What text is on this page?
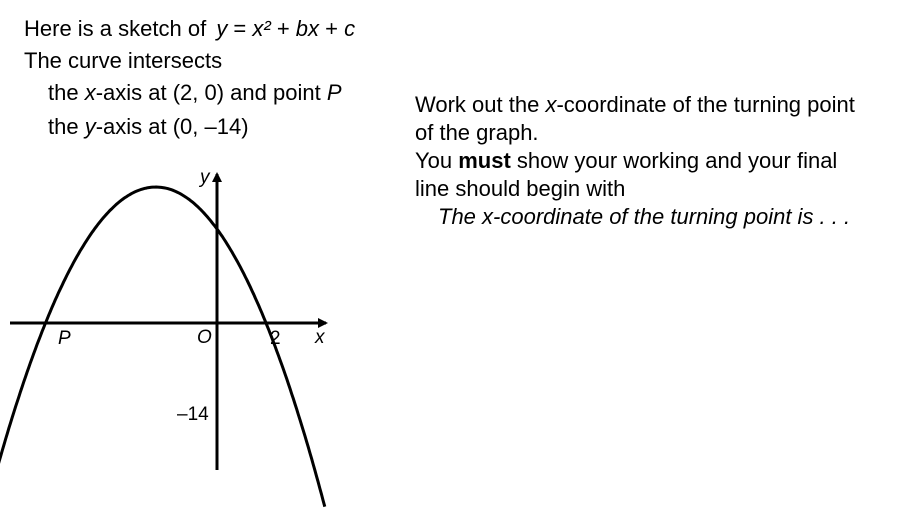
Here is a sketch of y = x² + bx + c
The curve intersects
the x-axis at (2, 0) and point P
the y-axis at (0, –14)
Work out the x-coordinate of the turning point
of the graph.
You must show your working and your final
line should begin with
The x-coordinate of the turning point is . . .
y
x
O
P	2
–14
